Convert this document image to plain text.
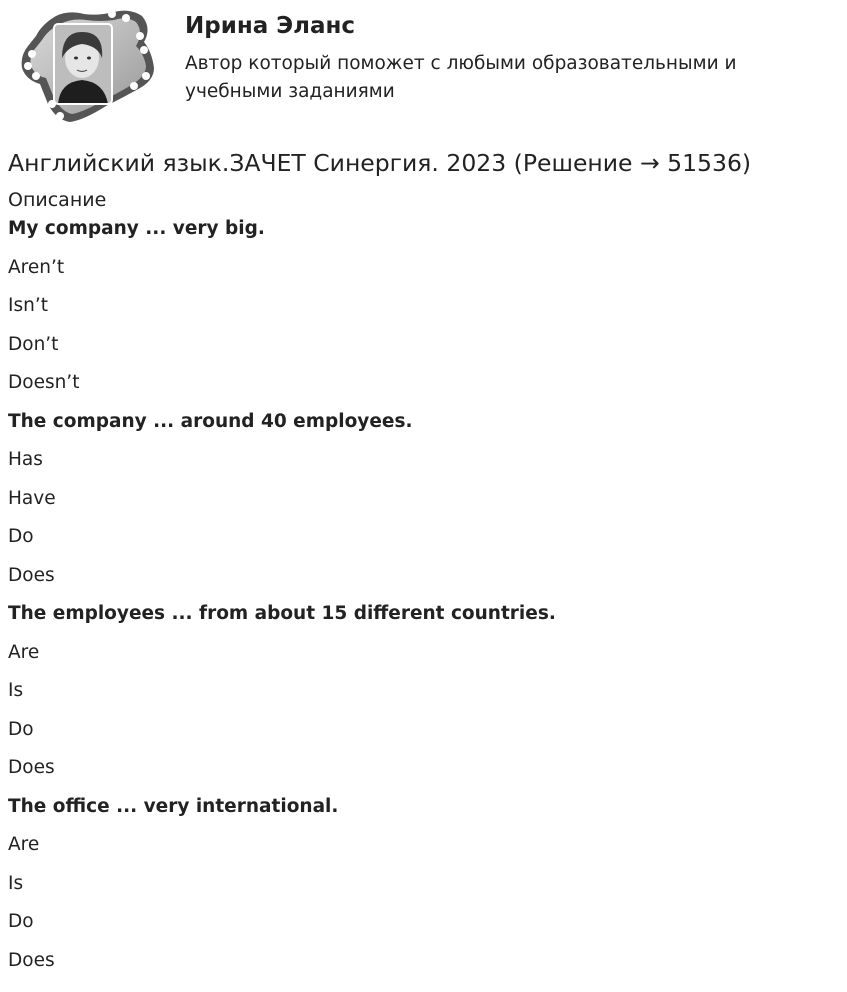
Ирина Эланс

Автор который поможет с любыми образовательными и учебными заданиями

Английский язык.ЗАЧЕТ Синергия. 2023 (Решение → 51536)
Описание

My company ... very big.

Aren’t

Isn’t

Don’t

Doesn’t

The company ... around 40 employees.

Has

Have

Do

Does

The employees ... from about 15 different countries.

Are

Is

Do

Does

The office ... very international.

Are

Is

Do

Does
